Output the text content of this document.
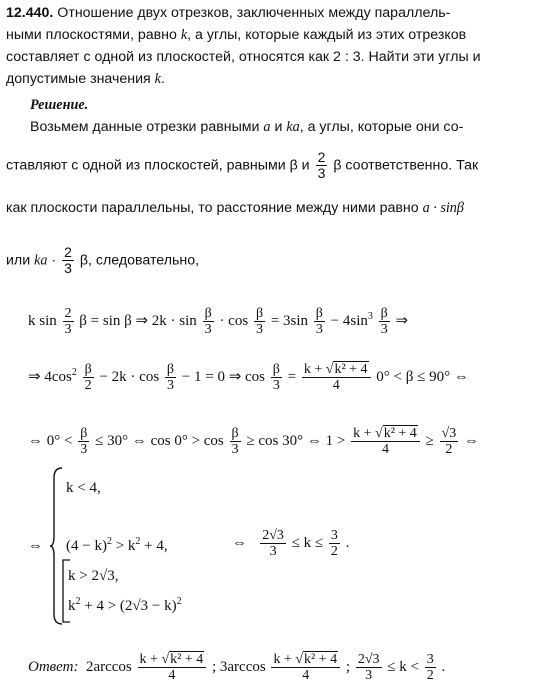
12.440. Отношение двух отрезков, заключенных между параллель-
ными плоскостями, равно k, а углы, которые каждый из этих отрезков
составляет с одной из плоскостей, относятся как 2 : 3. Найти эти углы и
допустимые значения k.
Решение.
Возьмем данные отрезки равными a и ka, а углы, которые они со-
ставляют с одной из плоскостей, равными β и $\frac{2}{3}$ β соответственно. Так
как плоскости параллельны, то расстояние между ними равно a · sinβ
или ka · $\frac{2}{3} \beta$, следовательно,
k $\sin \frac{2}{3}$ β = sin β ⇒ $2k \cdot \sin \frac{\beta}{3} \cdot \cos \frac{\beta}{3} = 3\sin \frac{\beta}{3} - 4\sin^3 \frac{\beta}{3}$ ⇒
⇒ $4\cos^2 \frac{\beta}{2} - 2k \cdot \cos \frac{\beta}{3} - 1 = 0$ ⇒ $\cos \frac{\beta}{3} = \frac{\text{k + √k² + 4}}{4} 0^\circ < \beta \le 90^\circ$ ⇔
⇔ $0^\circ < \frac{\beta}{3} \le 30^\circ$ ⇔ $\cos 0^\circ > \cos \frac{\beta}{3} \ge \cos 30^\circ$ ⇔ $1 > \frac{\text{k + √k² + 4}}{4} \ge \frac{√3}{2}$ ⇔
⇔
k < 4,
$(4 - k)^2 > k^2 + 4$,
k > 2√3,
$k^2 + 4 > (2√3 - k)^2$
⇔ $\frac{2√3}{3} \le k \le \frac{3}{2}$ .
Ответ: $2\arccos \frac{\text{k + √k² + 4}}{4}$ ; $3\arccos \frac{\text{k + √k² + 4}}{4}$ ; $\frac{2√3}{3} \le k < \frac{3}{2}$ .
